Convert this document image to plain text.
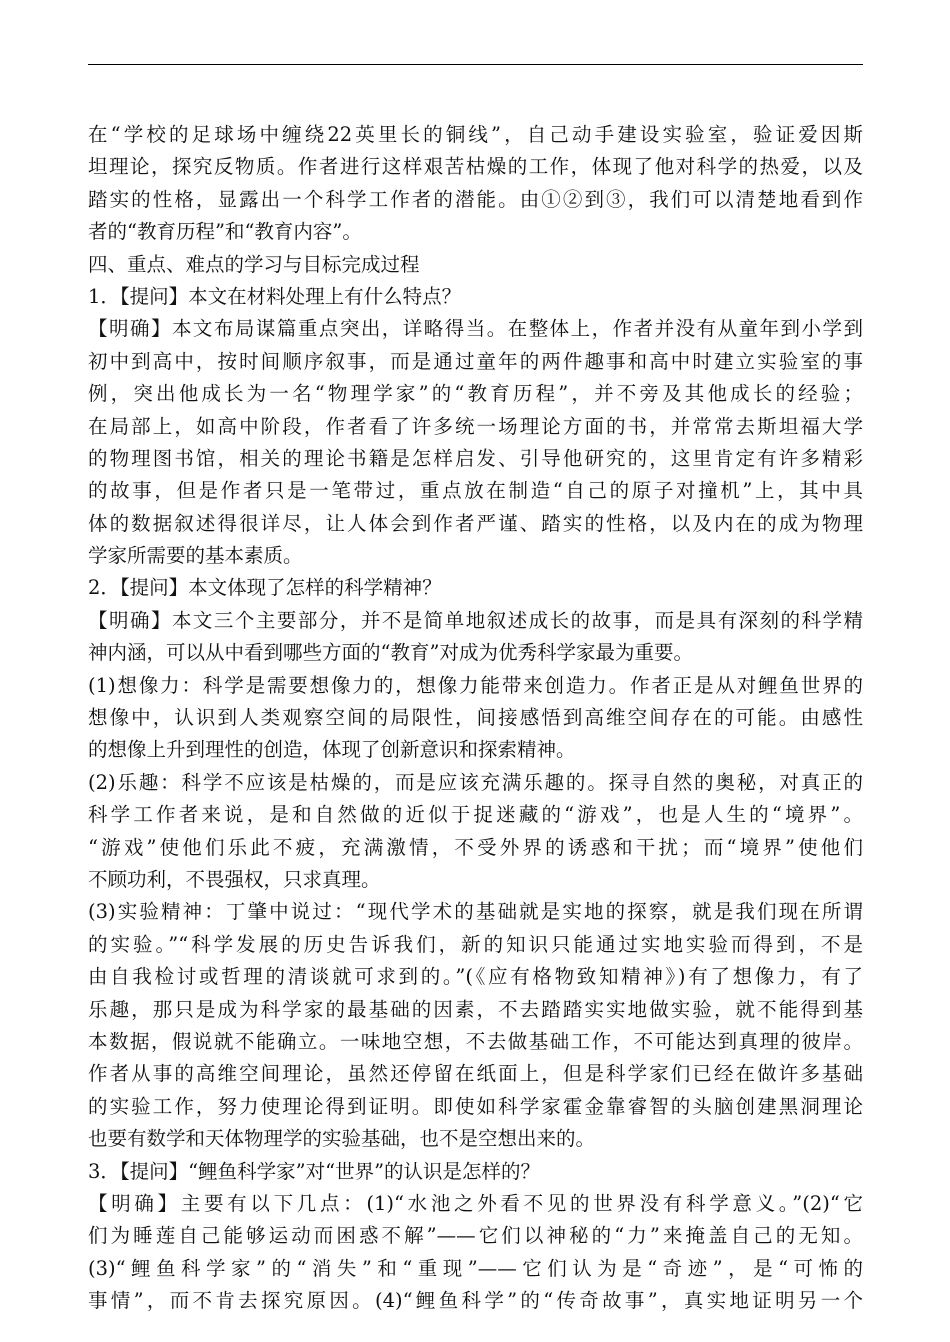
在“学校的足球场中缠绕22英里长的铜线”，自己动手建设实验室，验证爱因斯
坦理论，探究反物质。作者进行这样艰苦枯燥的工作，体现了他对科学的热爱，以及
踏实的性格，显露出一个科学工作者的潜能。由①②到③，我们可以清楚地看到作
者的“教育历程”和“教育内容”。
四、重点、难点的学习与目标完成过程
1．【提问】本文在材料处理上有什么特点？
【明确】本文布局谋篇重点突出，详略得当。在整体上，作者并没有从童年到小学到
初中到高中，按时间顺序叙事，而是通过童年的两件趣事和高中时建立实验室的事
例，突出他成长为一名“物理学家”的“教育历程”，并不旁及其他成长的经验；
在局部上，如高中阶段，作者看了许多统一场理论方面的书，并常常去斯坦福大学
的物理图书馆，相关的理论书籍是怎样启发、引导他研究的，这里肯定有许多精彩
的故事，但是作者只是一笔带过，重点放在制造“自己的原子对撞机”上，其中具
体的数据叙述得很详尽，让人体会到作者严谨、踏实的性格，以及内在的成为物理
学家所需要的基本素质。
2．【提问】本文体现了怎样的科学精神？
【明确】本文三个主要部分，并不是简单地叙述成长的故事，而是具有深刻的科学精
神内涵，可以从中看到哪些方面的“教育”对成为优秀科学家最为重要。
(1)想像力：科学是需要想像力的，想像力能带来创造力。作者正是从对鲤鱼世界的
想像中，认识到人类观察空间的局限性，间接感悟到高维空间存在的可能。由感性
的想像上升到理性的创造，体现了创新意识和探索精神。
(2)乐趣：科学不应该是枯燥的，而是应该充满乐趣的。探寻自然的奥秘，对真正的
科学工作者来说，是和自然做的近似于捉迷藏的“游戏”，也是人生的“境界”。
“游戏”使他们乐此不疲，充满激情，不受外界的诱惑和干扰；而“境界”使他们
不顾功利，不畏强权，只求真理。
(3)实验精神：丁肇中说过：“现代学术的基础就是实地的探察，就是我们现在所谓
的实验。”“科学发展的历史告诉我们，新的知识只能通过实地实验而得到，不是
由自我检讨或哲理的清谈就可求到的。”(《应有格物致知精神》)有了想像力，有了
乐趣，那只是成为科学家的最基础的因素，不去踏踏实实地做实验，就不能得到基
本数据，假说就不能确立。一味地空想，不去做基础工作，不可能达到真理的彼岸。
作者从事的高维空间理论，虽然还停留在纸面上，但是科学家们已经在做许多基础
的实验工作，努力使理论得到证明。即使如科学家霍金靠睿智的头脑创建黑洞理论
也要有数学和天体物理学的实验基础，也不是空想出来的。
3．【提问】“鲤鱼科学家”对“世界”的认识是怎样的？
【明确】主要有以下几点：(1)“水池之外看不见的世界没有科学意义。”(2)“它
们为睡莲自己能够运动而困惑不解”——它们以神秘的“力”来掩盖自己的无知。
(3)“鲤鱼科学家”的“消失”和“重现”——它们认为是“奇迹”，是“可怖的
事情”，而不肯去探究原因。(4)“鲤鱼科学”的“传奇故事”，真实地证明另一个
